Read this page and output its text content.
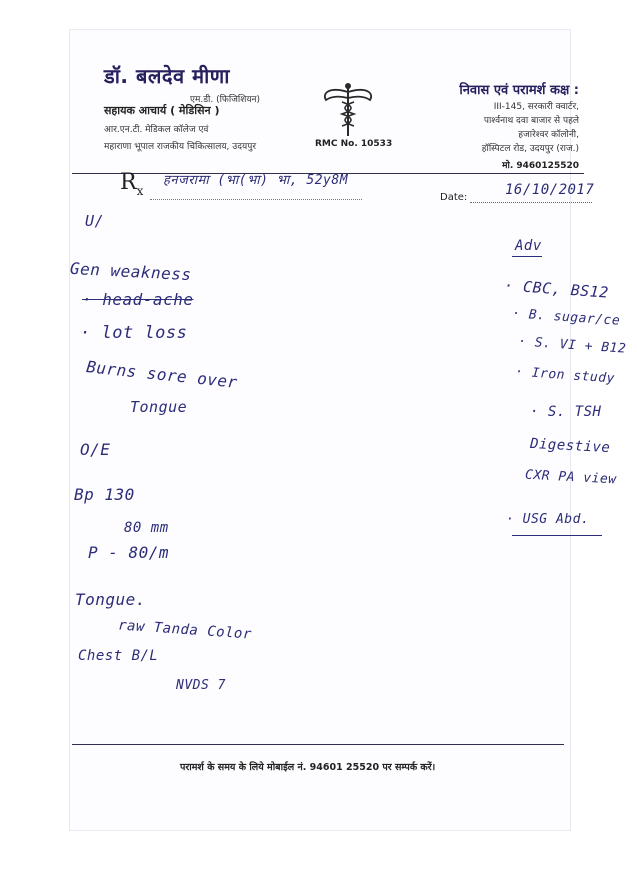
डॉ. बलदेव मीणा
एम.डी. (फिजिशियन)
सहायक आचार्य ( मेडिसिन )
आर.एन.टी. मेडिकल कॉलेज एवं
महाराणा भूपाल राजकीय चिकित्सालय, उदयपुर	RMC No. 10533
निवास एवं परामर्श कक्ष :
III-145, सरकारी क्वार्टर,
पार्श्वनाथ दवा बाजार से पहले
हजारेश्वर कॉलोनी,
हॉस्पिटल रोड, उदयपुर (राज.)
मो. 9460125520
$R_x$
हनजरामा (भा(भा) भा, 52y8M
Date:	16/10/2017
U/
Gen weakness
· head-ache
· lot loss
Burns sore over
Tongue
O/E
Bp 130
80 mm
P - 80/m
Tongue.
raw Tanda Color
Chest B/L
NVDS 7
Adv
· CBC, BS12
· B. sugar/ce
· S. VI + B12
· Iron study
· S. TSH
Digestive
CXR PA view
· USG Abd.
परामर्श के समय के लिये मोबाईल नं. 94601 25520 पर सम्पर्क करें।
